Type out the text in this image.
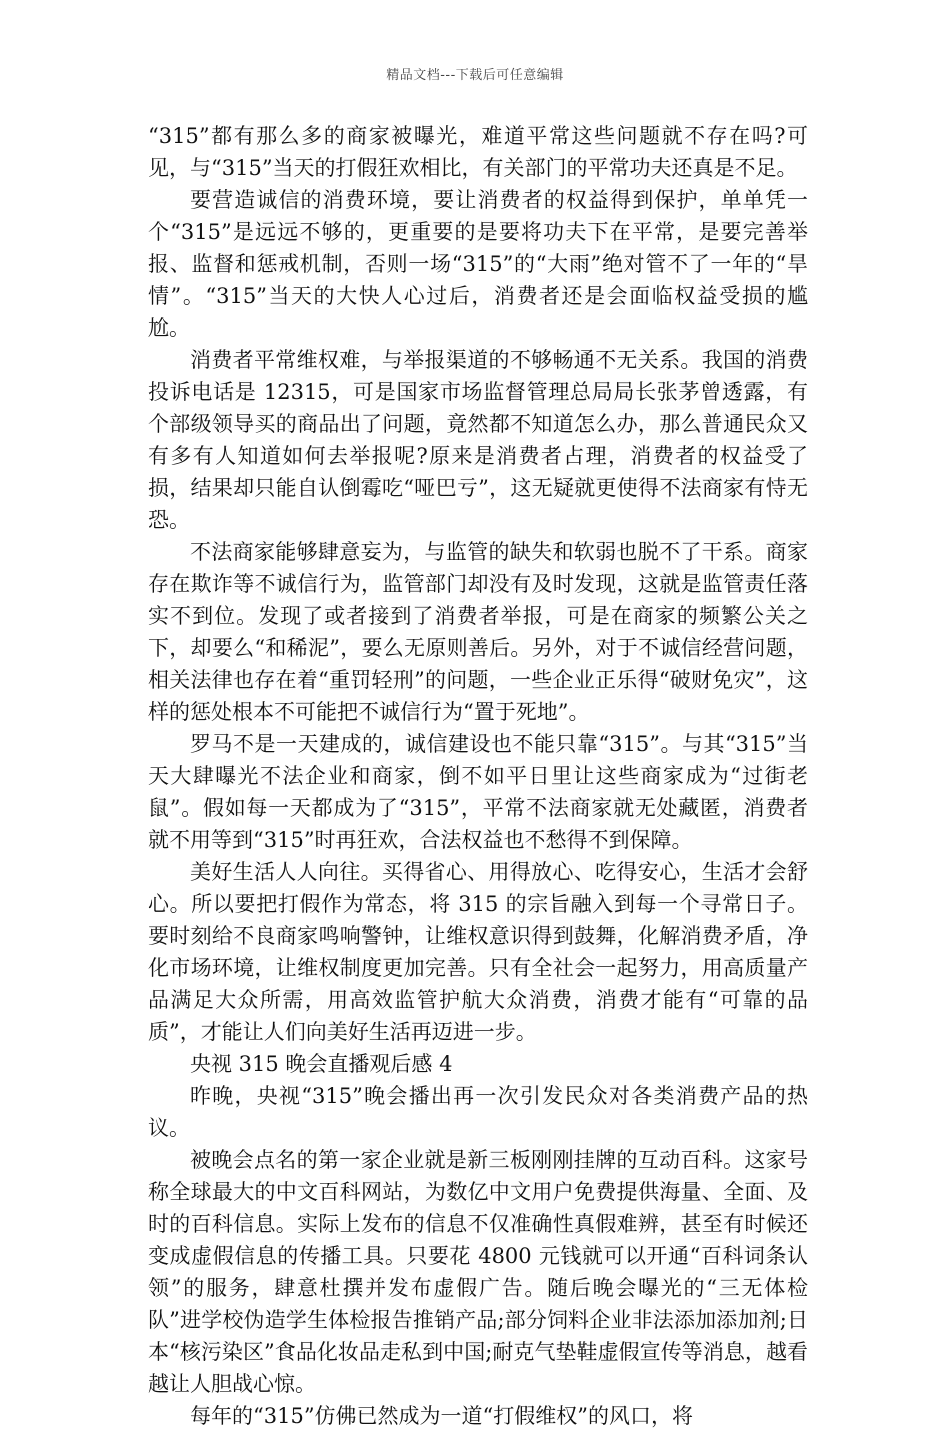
精品文档---下载后可任意编辑

“315”都有那么多的商家被曝光，难道平常这些问题就不存在吗?可见，与“315”当天的打假狂欢相比，有关部门的平常功夫还真是不足。

要营造诚信的消费环境，要让消费者的权益得到保护，单单凭一个“315”是远远不够的，更重要的是要将功夫下在平常，是要完善举报、监督和惩戒机制，否则一场“315”的“大雨”绝对管不了一年的“旱情”。“315”当天的大快人心过后，消费者还是会面临权益受损的尴尬。

消费者平常维权难，与举报渠道的不够畅通不无关系。我国的消费投诉电话是 12315，可是国家市场监督管理总局局长张茅曾透露，有个部级领导买的商品出了问题，竟然都不知道怎么办，那么普通民众又有多有人知道如何去举报呢?原来是消费者占理，消费者的权益受了损，结果却只能自认倒霉吃“哑巴亏”，这无疑就更使得不法商家有恃无恐。

不法商家能够肆意妄为，与监管的缺失和软弱也脱不了干系。商家存在欺诈等不诚信行为，监管部门却没有及时发现，这就是监管责任落实不到位。发现了或者接到了消费者举报，可是在商家的频繁公关之下，却要么“和稀泥”，要么无原则善后。另外，对于不诚信经营问题，相关法律也存在着“重罚轻刑”的问题，一些企业正乐得“破财免灾”，这样的惩处根本不可能把不诚信行为“置于死地”。

罗马不是一天建成的，诚信建设也不能只靠“315”。与其“315”当天大肆曝光不法企业和商家，倒不如平日里让这些商家成为“过街老鼠”。假如每一天都成为了“315”，平常不法商家就无处藏匿，消费者就不用等到“315”时再狂欢，合法权益也不愁得不到保障。

美好生活人人向往。买得省心、用得放心、吃得安心，生活才会舒心。所以要把打假作为常态，将 315 的宗旨融入到每一个寻常日子。要时刻给不良商家鸣响警钟，让维权意识得到鼓舞，化解消费矛盾，净化市场环境，让维权制度更加完善。只有全社会一起努力，用高质量产品满足大众所需，用高效监管护航大众消费，消费才能有“可靠的品质”，才能让人们向美好生活再迈进一步。

央视 315 晚会直播观后感 4

昨晚，央视“315”晚会播出再一次引发民众对各类消费产品的热议。

被晚会点名的第一家企业就是新三板刚刚挂牌的互动百科。这家号称全球最大的中文百科网站，为数亿中文用户免费提供海量、全面、及时的百科信息。实际上发布的信息不仅准确性真假难辨，甚至有时候还变成虚假信息的传播工具。只要花 4800 元钱就可以开通“百科词条认领”的服务，肆意杜撰并发布虚假广告。随后晚会曝光的“三无体检队”进学校伪造学生体检报告推销产品;部分饲料企业非法添加添加剂;日本“核污染区”食品化妆品走私到中国;耐克气垫鞋虚假宣传等消息，越看越让人胆战心惊。

每年的“315”仿佛已然成为一道“打假维权”的风口，将
